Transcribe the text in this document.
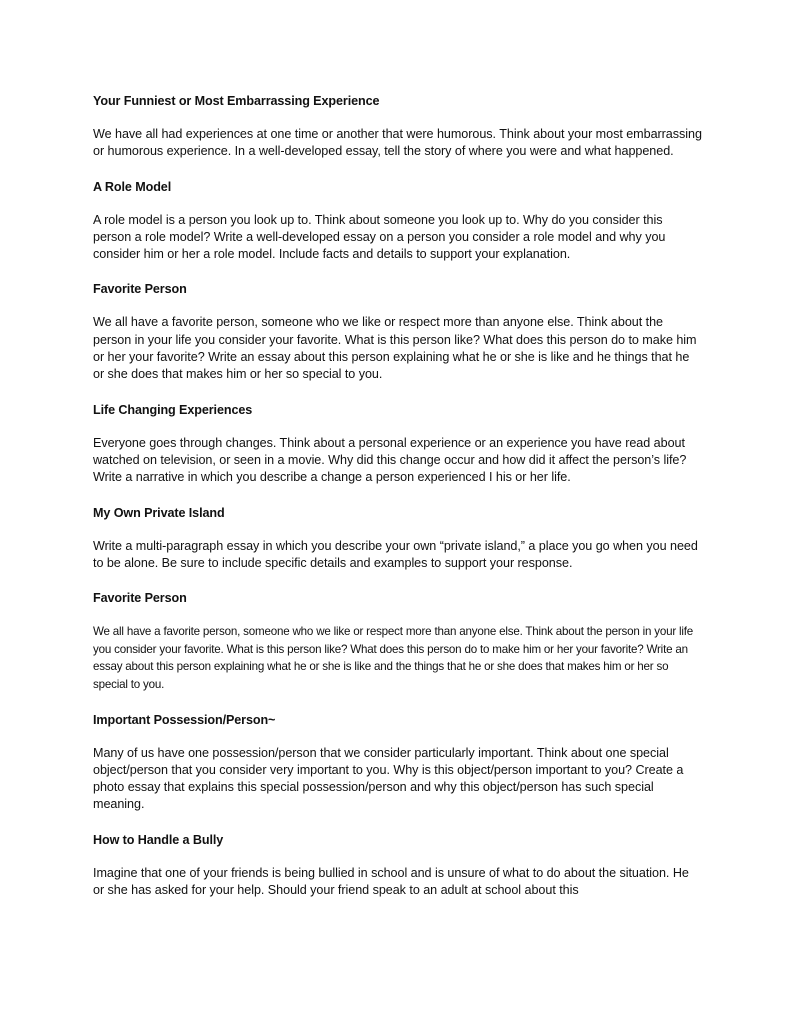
Your Funniest or Most Embarrassing Experience

We have all had experiences at one time or another that were humorous. Think about your most embarrassing or humorous experience. In a well-developed essay, tell the story of where you were and what happened.

A Role Model

A role model is a person you look up to. Think about someone you look up to. Why do you consider this person a role model? Write a well-developed essay on a person you consider a role model and why you consider him or her a role model. Include facts and details to support your explanation.

Favorite Person

We all have a favorite person, someone who we like or respect more than anyone else. Think about the person in your life you consider your favorite. What is this person like? What does this person do to make him or her your favorite? Write an essay about this person explaining what he or she is like and he things that he or she does that makes him or her so special to you.

Life Changing Experiences

Everyone goes through changes. Think about a personal experience or an experience you have read about watched on television, or seen in a movie. Why did this change occur and how did it affect the person’s life? Write a narrative in which you describe a change a person experienced I his or her life.

My Own Private Island

Write a multi-paragraph essay in which you describe your own “private island,” a place you go when you need to be alone. Be sure to include specific details and examples to support your response.

Favorite Person

We all have a favorite person, someone who we like or respect more than anyone else. Think about the person in your life you consider your favorite. What is this person like? What does this person do to make him or her your favorite? Write an essay about this person explaining what he or she is like and the things that he or she does that makes him or her so special to you.

Important Possession/Person~

Many of us have one possession/person that we consider particularly important. Think about one special object/person that you consider very important to you. Why is this object/person important to you? Create a photo essay that explains this special possession/person and why this object/person has such special meaning.

How to Handle a Bully

Imagine that one of your friends is being bullied in school and is unsure of what to do about the situation. He or she has asked for your help. Should your friend speak to an adult at school about this
